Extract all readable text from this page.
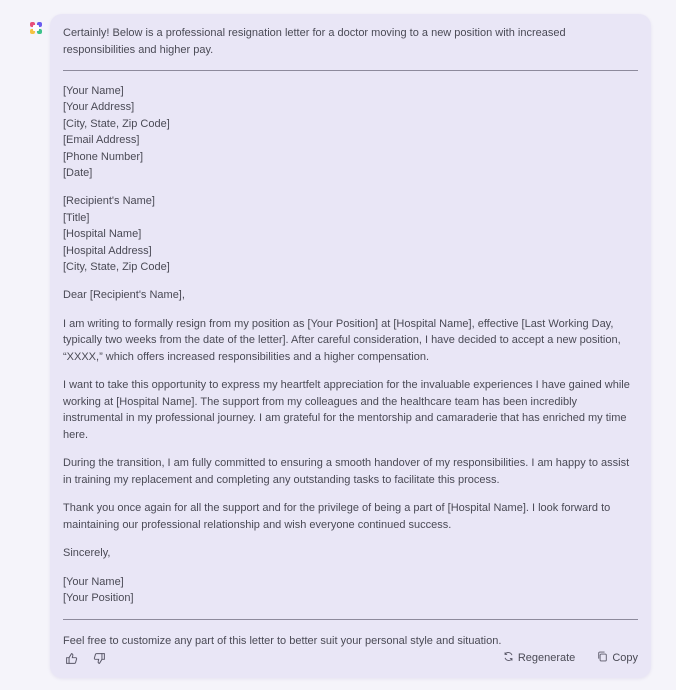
Certainly! Below is a professional resignation letter for a doctor moving to a new position with increased responsibilities and higher pay.

[Your Name]
[Your Address]
[City, State, Zip Code]
[Email Address]
[Phone Number]
[Date]
[Recipient's Name]
[Title]
[Hospital Name]
[Hospital Address]
[City, State, Zip Code]

Dear [Recipient's Name],

I am writing to formally resign from my position as [Your Position] at [Hospital Name], effective [Last Working Day, typically two weeks from the date of the letter]. After careful consideration, I have decided to accept a new position, “XXXX,” which offers increased responsibilities and a higher compensation.

I want to take this opportunity to express my heartfelt appreciation for the invaluable experiences I have gained while working at [Hospital Name]. The support from my colleagues and the healthcare team has been incredibly instrumental in my professional journey. I am grateful for the mentorship and camaraderie that has enriched my time here.

During the transition, I am fully committed to ensuring a smooth handover of my responsibilities. I am happy to assist in training my replacement and completing any outstanding tasks to facilitate this process.

Thank you once again for all the support and for the privilege of being a part of [Hospital Name]. I look forward to maintaining our professional relationship and wish everyone continued success.

Sincerely,

[Your Name]
[Your Position]

Feel free to customize any part of this letter to better suit your personal style and situation.

Regenerate	Copy
